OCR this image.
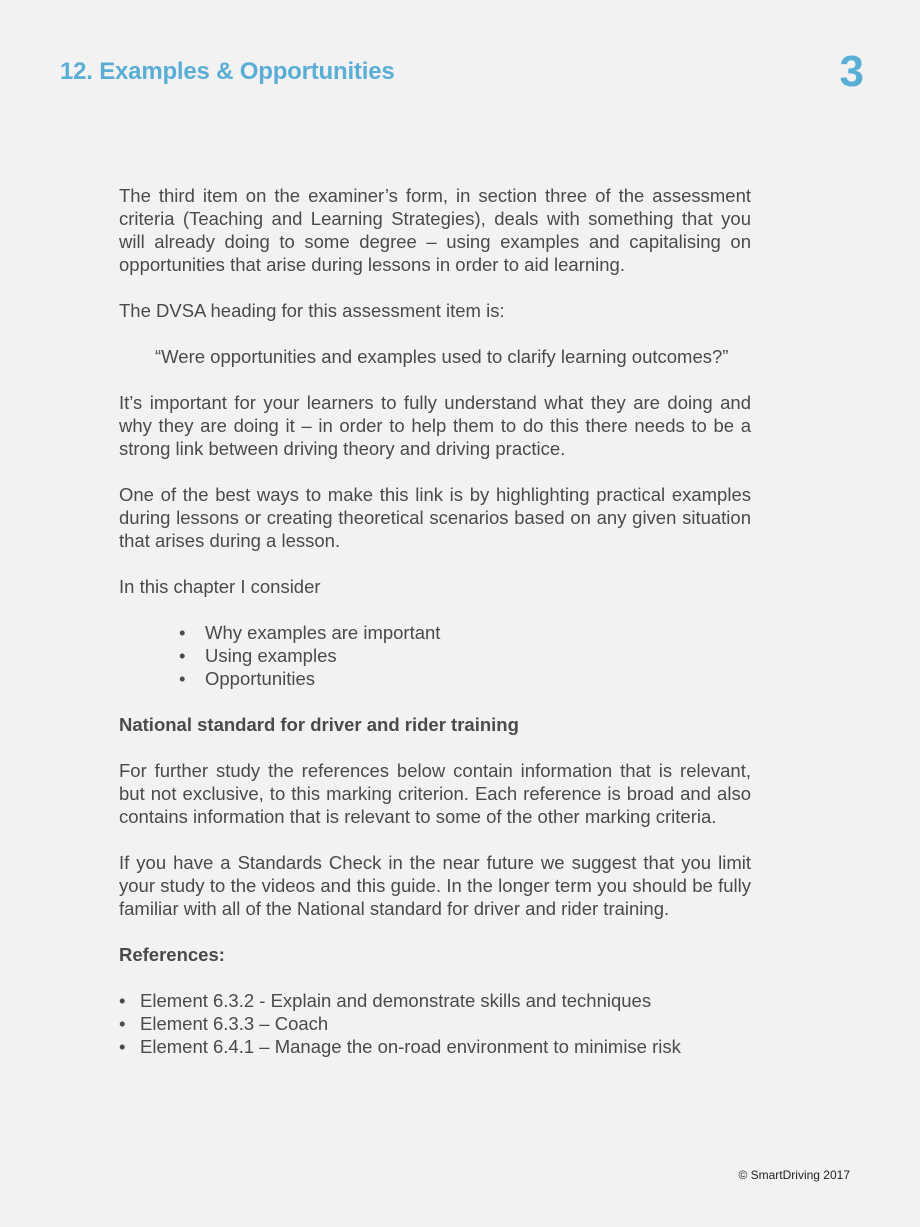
12. Examples & Opportunities	3

The third item on the examiner’s form, in section three of the assessment criteria (Teaching and Learning Strategies), deals with something that you will already doing to some degree – using examples and capitalising on opportunities that arise during lessons in order to aid learning.

The DVSA heading for this assessment item is:

“Were opportunities and examples used to clarify learning outcomes?”

It’s important for your learners to fully understand what they are doing and why they are doing it – in order to help them to do this there needs to be a strong link between driving theory and driving practice.

One of the best ways to make this link is by highlighting practical examples during lessons or creating theoretical scenarios based on any given situation that arises during a lesson.

In this chapter I consider

• Why examples are important
• Using examples
• Opportunities
National standard for driver and rider training

For further study the references below contain information that is relevant, but not exclusive, to this marking criterion. Each reference is broad and also contains information that is relevant to some of the other marking criteria.

If you have a Standards Check in the near future we suggest that you limit your study to the videos and this guide. In the longer term you should be fully familiar with all of the National standard for driver and rider training.

References:
• Element 6.3.2 - Explain and demonstrate skills and techniques
• Element 6.3.3 – Coach
• Element 6.4.1 – Manage the on-road environment to minimise risk
© SmartDriving 2017
